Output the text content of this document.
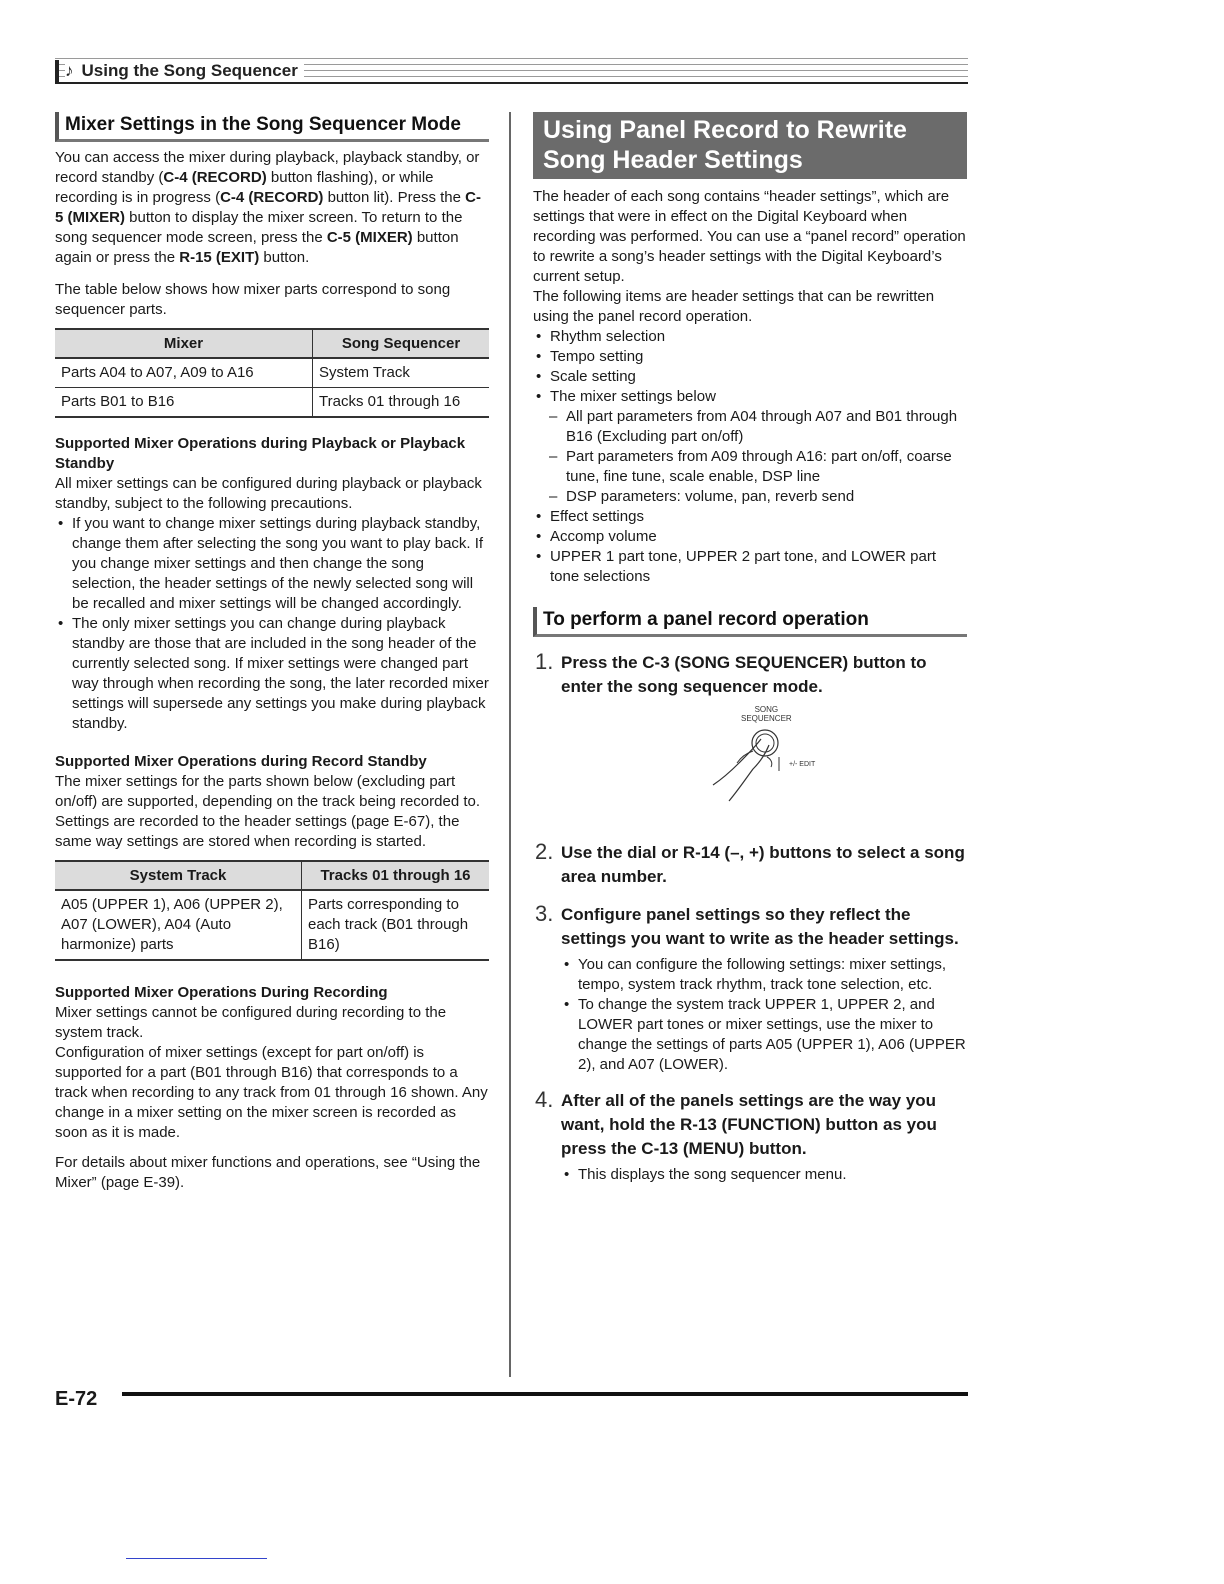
♪ Using the Song Sequencer
Mixer Settings in the Song Sequencer Mode

You can access the mixer during playback, playback standby, or record standby (C-4 (RECORD) button flashing), or while recording is in progress (C-4 (RECORD) button lit). Press the C-5 (MIXER) button to display the mixer screen. To return to the song sequencer mode screen, press the C-5 (MIXER) button again or press the R-15 (EXIT) button.

The table below shows how mixer parts correspond to song sequencer parts.

Mixer	Song Sequencer
Parts A04 to A07, A09 to A16	System Track
Parts B01 to B16	Tracks 01 through 16

Supported Mixer Operations during Playback or Playback Standby

All mixer settings can be configured during playback or playback standby, subject to the following precautions.

• If you want to change mixer settings during playback standby, change them after selecting the song you want to play back. If you change mixer settings and then change the song selection, the header settings of the newly selected song will be recalled and mixer settings will be changed accordingly.
• The only mixer settings you can change during playback standby are those that are included in the song header of the currently selected song. If mixer settings were changed part way through when recording the song, the later recorded mixer settings will supersede any settings you make during playback standby.

Supported Mixer Operations during Record Standby

The mixer settings for the parts shown below (excluding part on/off) are supported, depending on the track being recorded to. Settings are recorded to the header settings (page E-67), the same way settings are stored when recording is started.

System Track	Tracks 01 through 16
A05 (UPPER 1), A06 (UPPER 2), A07 (LOWER), A04 (Auto harmonize) parts	Parts corresponding to each track (B01 through B16)

Supported Mixer Operations During Recording

Mixer settings cannot be configured during recording to the system track.

Configuration of mixer settings (except for part on/off) is supported for a part (B01 through B16) that corresponds to a track when recording to any track from 01 through 16 shown. Any change in a mixer setting on the mixer screen is recorded as soon as it is made.

For details about mixer functions and operations, see “Using the Mixer” (page E-39).

Using Panel Record to Rewrite Song Header Settings

The header of each song contains “header settings”, which are settings that were in effect on the Digital Keyboard when recording was performed. You can use a “panel record” operation to rewrite a song’s header settings with the Digital Keyboard’s current setup.

The following items are header settings that can be rewritten using the panel record operation.

• Rhythm selection
• Tempo setting
• Scale setting
• The mixer settings below
– All part parameters from A04 through A07 and B01 through B16 (Excluding part on/off)
– Part parameters from A09 through A16: part on/off, coarse tune, fine tune, scale enable, DSP line
– DSP parameters: volume, pan, reverb send
• Effect settings
• Accomp volume
• UPPER 1 part tone, UPPER 2 part tone, and LOWER part tone selections
To perform a panel record operation
1. Press the C-3 (SONG SEQUENCER) button to enter the song sequencer mode.
SONG
SEQUENCER
+/- EDIT
2. Use the dial or R-14 (–, +) buttons to select a song area number.
3. Configure panel settings so they reflect the settings you want to write as the header settings.
• You can configure the following settings: mixer settings, tempo, system track rhythm, track tone selection, etc.
• To change the system track UPPER 1, UPPER 2, and LOWER part tones or mixer settings, use the mixer to change the settings of parts A05 (UPPER 1), A06 (UPPER 2), and A07 (LOWER).
4. After all of the panels settings are the way you want, hold the R-13 (FUNCTION) button as you press the C-13 (MENU) button.
• This displays the song sequencer menu.
E-72
